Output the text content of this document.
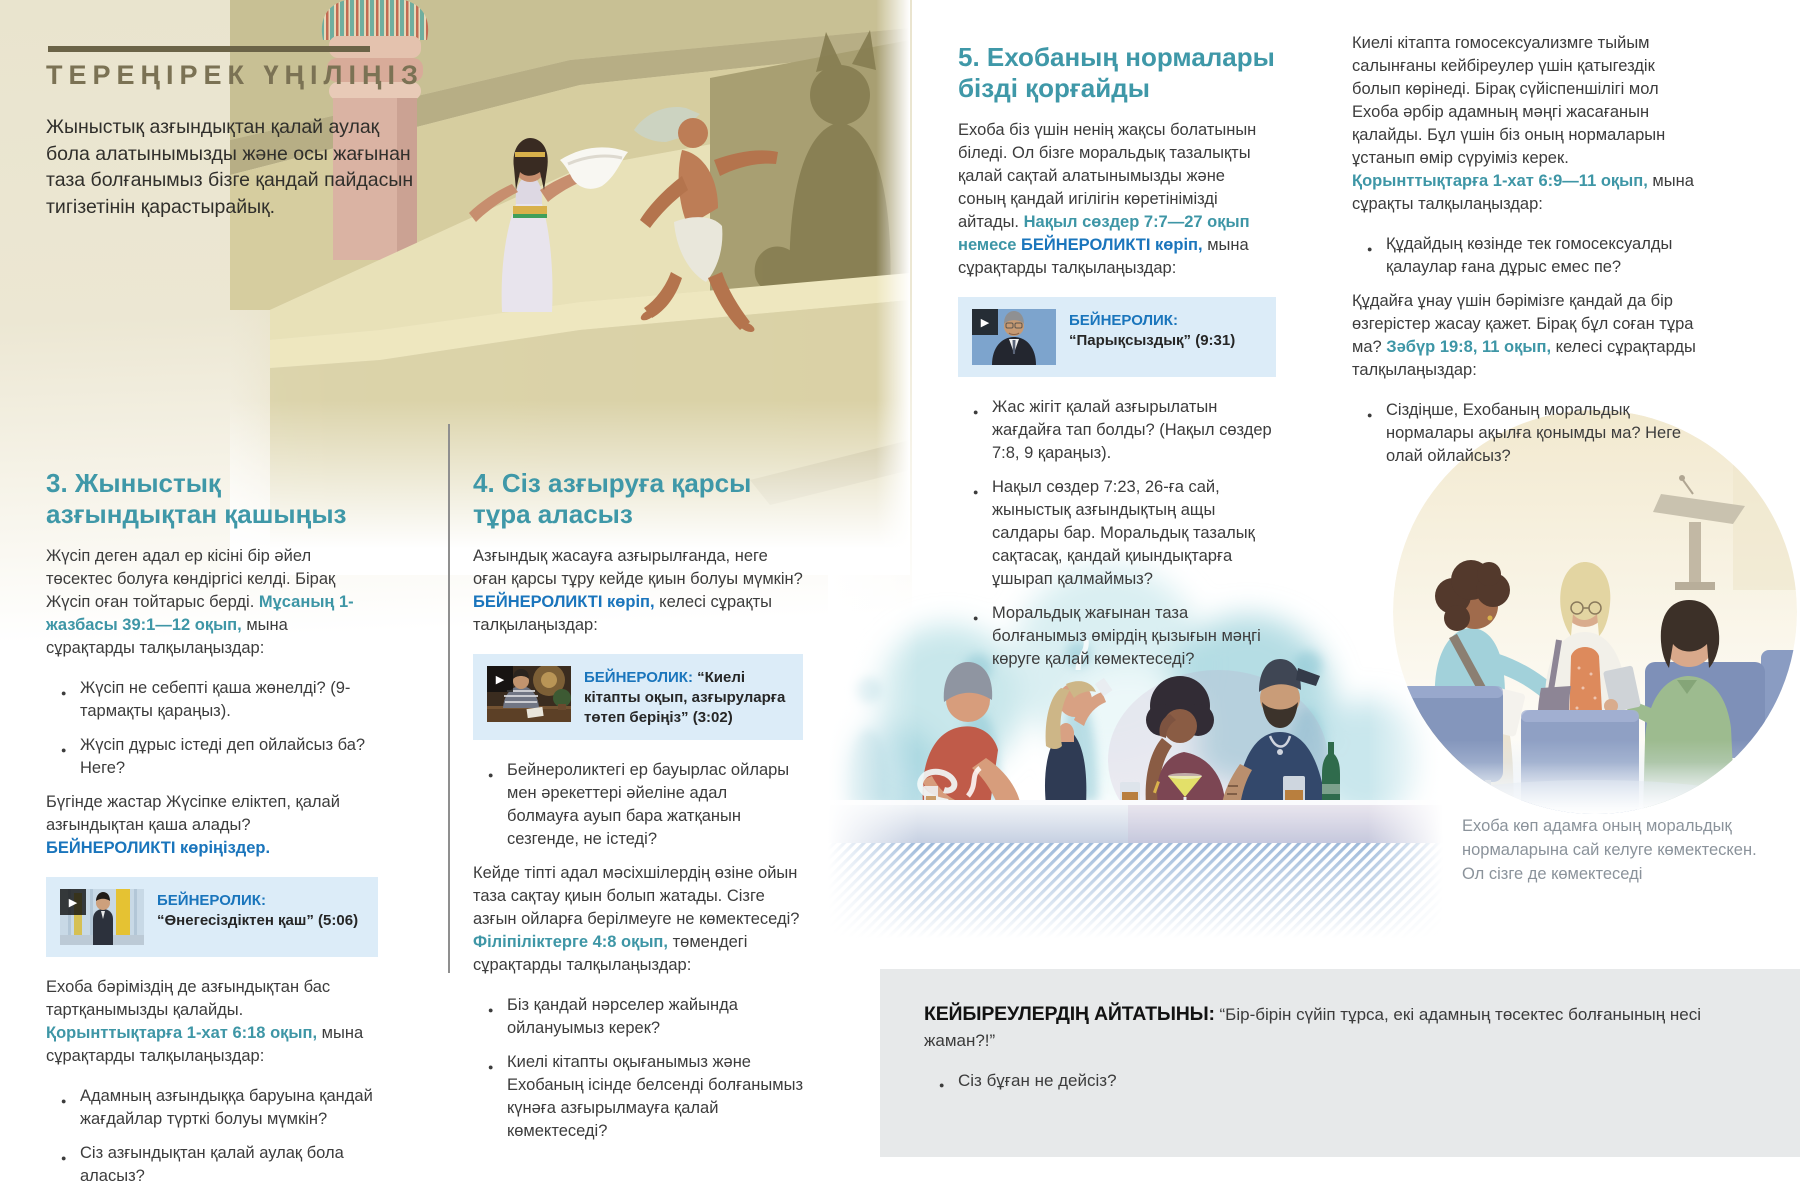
ТЕРЕҢІРЕК ҮҢІЛІҢІЗ
Жыныстық азғындықтан қалай аулақ бола алатынымызды және осы жағынан таза болғанымыз бізге қандай пайдасын тигізетінін қарастырайық.
3. Жыныстық азғындықтан қашыңыз

Жүсіп деген адал ер кісіні бір әйел төсектес болуға көндіргісі келді. Бірақ Жүсіп оған тойтарыс берді. Мұсаның 1-жазбасы 39:1—12 оқып, мына сұрақтарды талқылаңыздар:

● Жүсіп не себепті қаша жөнелді? (9-тармақты қараңыз).
● Жүсіп дұрыс істеді деп ойлайсыз ба? Неге?

Бүгінде жастар Жүсіпке еліктеп, қалай азғындықтан қаша алады? БЕЙНЕРОЛИКТІ көріңіздер.

▶	БЕЙНЕРОЛИК: “Өнегесіздіктен қаш” (5:06)

Ехоба бәріміздің де азғындықтан бас тартқанымызды қалайды. Қорынттықтарға 1-хат 6:18 оқып, мына сұрақтарды талқылаңыздар:

● Адамның азғындыққа баруына қандай жағдайлар түрткі болуы мүмкін?
● Сіз азғындықтан қалай аулақ бола аласыз?
4. Сіз азғыруға қарсы тұра аласыз

Азғындық жасауға азғырылғанда, неге оған қарсы тұру кейде қиын болуы мүмкін? БЕЙНЕРОЛИКТІ көріп, келесі сұрақты талқылаңыздар:

▶	БЕЙНЕРОЛИК: “Киелі кітапты оқып, азғыруларға төтеп беріңіз” (3:02)
● Бейнероликтегі ер бауырлас ойлары мен әрекеттері әйеліне адал болмауға ауып бара жатқанын сезгенде, не істеді?

Кейде тіпті адал мәсіхшілердің өзіне ойын таза сақтау қиын болып жатады. Сізге азғын ойларға берілмеуге не көмектеседі? Філіпіліктерге 4:8 оқып, төмендегі сұрақтарды талқылаңыздар:

● Біз қандай нәрселер жайында ойлануымыз керек?
● Киелі кітапты оқығанымыз және Ехобаның ісінде белсенді болғанымыз күнәға азғырылмауға қалай көмектеседі?
5. Ехобаның нормалары бізді қорғайды

Ехоба біз үшін ненің жақсы болатынын біледі. Ол бізге моральдық тазалықты қалай сақтай алатынымызды және соның қандай игілігін көретінімізді айтады. Нақыл сөздер 7:7—27 оқып немесе БЕЙНЕРОЛИКТІ көріп, мына сұрақтарды талқылаңыздар:

▶	БЕЙНЕРОЛИК: “Парықсыздық” (9:31)
● Жас жігіт қалай азғырылатын жағдайға тап болды? (Нақыл сөздер 7:8, 9 қараңыз).
● Нақыл сөздер 7:23, 26-ға сай, жыныстық азғындықтың ащы салдары бар. Моральдық тазалық сақтасақ, қандай қиындықтарға ұшырап қалмаймыз?
● Моральдық жағынан таза болғанымыз өмірдің қызығын мәңгі көруге қалай көмектеседі?

Киелі кітапта гомосексуализмге тыйым салынғаны кейбіреулер үшін қатыгездік болып көрінеді. Бірақ сүйіспеншілігі мол Ехоба әрбір адамның мәңгі жасағанын қалайды. Бұл үшін біз оның нормаларын ұстанып өмір сүруіміз керек. Қорынттықтарға 1-хат 6:9—11 оқып, мына сұрақты талқылаңыздар:

● Құдайдың көзінде тек гомосексуалды қалаулар ғана дұрыс емес пе?

Құдайға ұнау үшін бәрімізге қандай да бір өзгерістер жасау қажет. Бірақ бұл соған тұра ма? Зәбүр 19:8, 11 оқып, келесі сұрақтарды талқылаңыздар:

● Сіздіңше, Ехобаның моральдық нормалары ақылға қонымды ма? Неге олай ойлайсыз?
Ехоба көп адамға оның моральдық нормаларына сай келуге көмектескен. Ол сізге де көмектеседі
КЕЙБІРЕУЛЕРДІҢ АЙТАТЫНЫ: “Бір-бірін сүйіп тұрса, екі адамның төсектес болғанының несі жаман?!”
● Сіз бұған не дейсіз?
